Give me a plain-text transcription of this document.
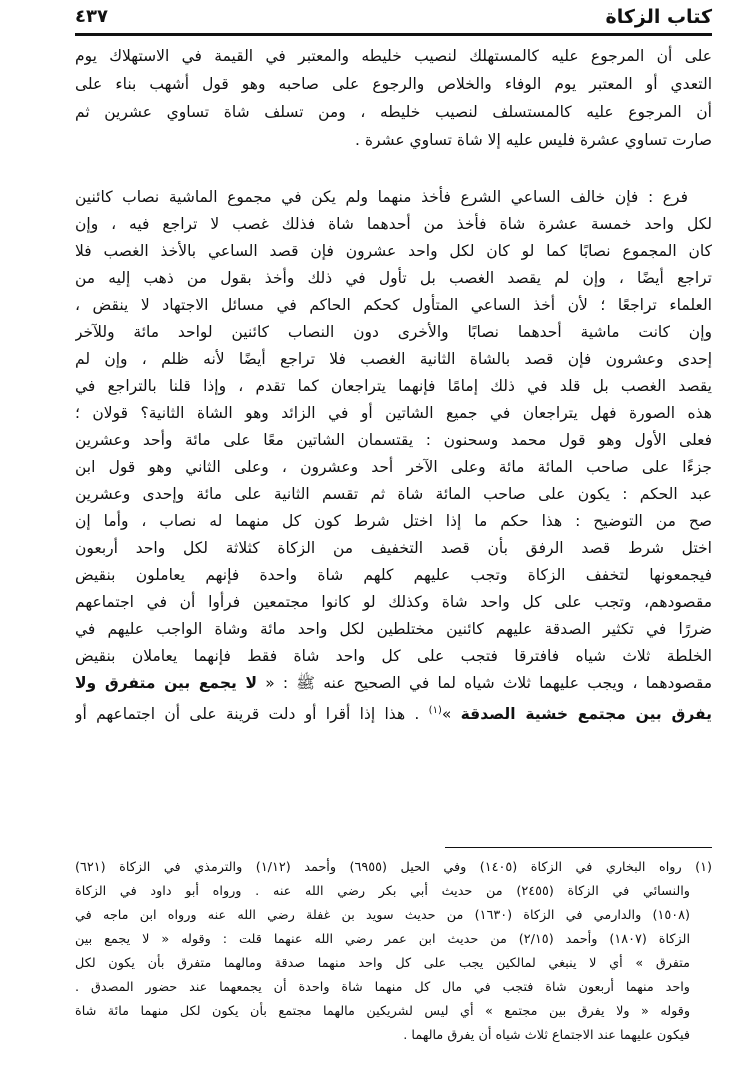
كتاب الزكاة
٤٣٧
على أن المرجوع عليه كالمستهلك لنصيب خليطه والمعتبر في القيمة في الاستهلاك يوم
التعدي أو المعتبر يوم الوفاء والخلاص والرجوع على صاحبه وهو قول أشهب بناء على
أن المرجوع عليه كالمستسلف لنصيب خليطه ، ومن تسلف شاة تساوي عشرين ثم
صارت تساوي عشرة فليس عليه إلا شاة تساوي عشرة .
فرع : فإن خالف الساعي الشرع فأخذ منهما ولم يكن في مجموع الماشية نصاب كائنين
لكل واحد خمسة عشرة شاة فأخذ من أحدهما شاة فذلك غصب لا تراجع فيه ، وإن
كان المجموع نصابًا كما لو كان لكل واحد عشرون فإن قصد الساعي بالأخذ الغصب فلا
تراجع أيضًا ، وإن لم يقصد الغصب بل تأول في ذلك وأخذ بقول من ذهب إليه من
العلماء تراجعًا ؛ لأن أخذ الساعي المتأول كحكم الحاكم في مسائل الاجتهاد لا ينقض ،
وإن كانت ماشية أحدهما نصابًا والأخرى دون النصاب كائنين لواحد مائة وللآخر
إحدى وعشرون فإن قصد بالشاة الثانية الغصب فلا تراجع أيضًا لأنه ظلم ، وإن لم
يقصد الغصب بل قلد في ذلك إمامًا فإنهما يتراجعان كما تقدم ، وإذا قلنا بالتراجع في
هذه الصورة فهل يتراجعان في جميع الشاتين أو في الزائد وهو الشاة الثانية؟ قولان ؛
فعلى الأول وهو قول محمد وسحنون : يقتسمان الشاتين معًا على مائة وأحد وعشرين
جزءًا على صاحب المائة مائة وعلى الآخر أحد وعشرون ، وعلى الثاني وهو قول ابن
عبد الحكم : يكون على صاحب المائة شاة ثم تقسم الثانية على مائة وإحدى وعشرين
صح من التوضيح : هذا حكم ما إذا اختل شرط كون كل منهما له نصاب ، وأما إن
اختل شرط قصد الرفق بأن قصد التخفيف من الزكاة كثلاثة لكل واحد أربعون
فيجمعونها لتخفف الزكاة وتجب عليهم كلهم شاة واحدة فإنهم يعاملون بنقيض
مقصودهم، وتجب على كل واحد شاة وكذلك لو كانوا مجتمعين فرأوا أن في اجتماعهم
ضررًا في تكثير الصدقة عليهم كائنين مختلطين لكل واحد مائة وشاة الواجب عليهم في
الخلطة ثلاث شياه فافترقا فتجب على كل واحد شاة فقط فإنهما يعاملان بنقيض
مقصودهما ، ويجب عليهما ثلاث شياه لما في الصحيح عنه ﷺ : « لا يجمع بين متفرق ولا
يفرق بين مجتمع خشية الصدقة »$^{(١)}$ . هذا إذا أقرا أو دلت قرينة على أن اجتماعهم أو
(١) رواه البخاري في الزكاة (١٤٠٥) وفي الحيل (٦٩٥٥) وأحمد (١/١٢) والترمذي في الزكاة (٦٢١)
والنسائي في الزكاة (٢٤٥٥) من حديث أبي بكر رضي الله عنه . ورواه أبو داود في الزكاة
(١٥٠٨) والدارمي في الزكاة (١٦٣٠) من حديث سويد بن غفلة رضي الله عنه ورواه ابن ماجه في
الزكاة (١٨٠٧) وأحمد (٢/١٥) من حديث ابن عمر رضي الله عنهما قلت : وقوله « لا يجمع بين
متفرق » أي لا ينبغي لمالكين يجب على كل واحد منهما صدقة ومالهما متفرق بأن يكون لكل
واحد منهما أربعون شاة فتجب في مال كل منهما شاة واحدة أن يجمعهما عند حضور المصدق .
وقوله « ولا يفرق بين مجتمع » أي ليس لشريكين مالهما مجتمع بأن يكون لكل منهما مائة شاة
فيكون عليهما عند الاجتماع ثلاث شياه أن يفرق مالهما .
